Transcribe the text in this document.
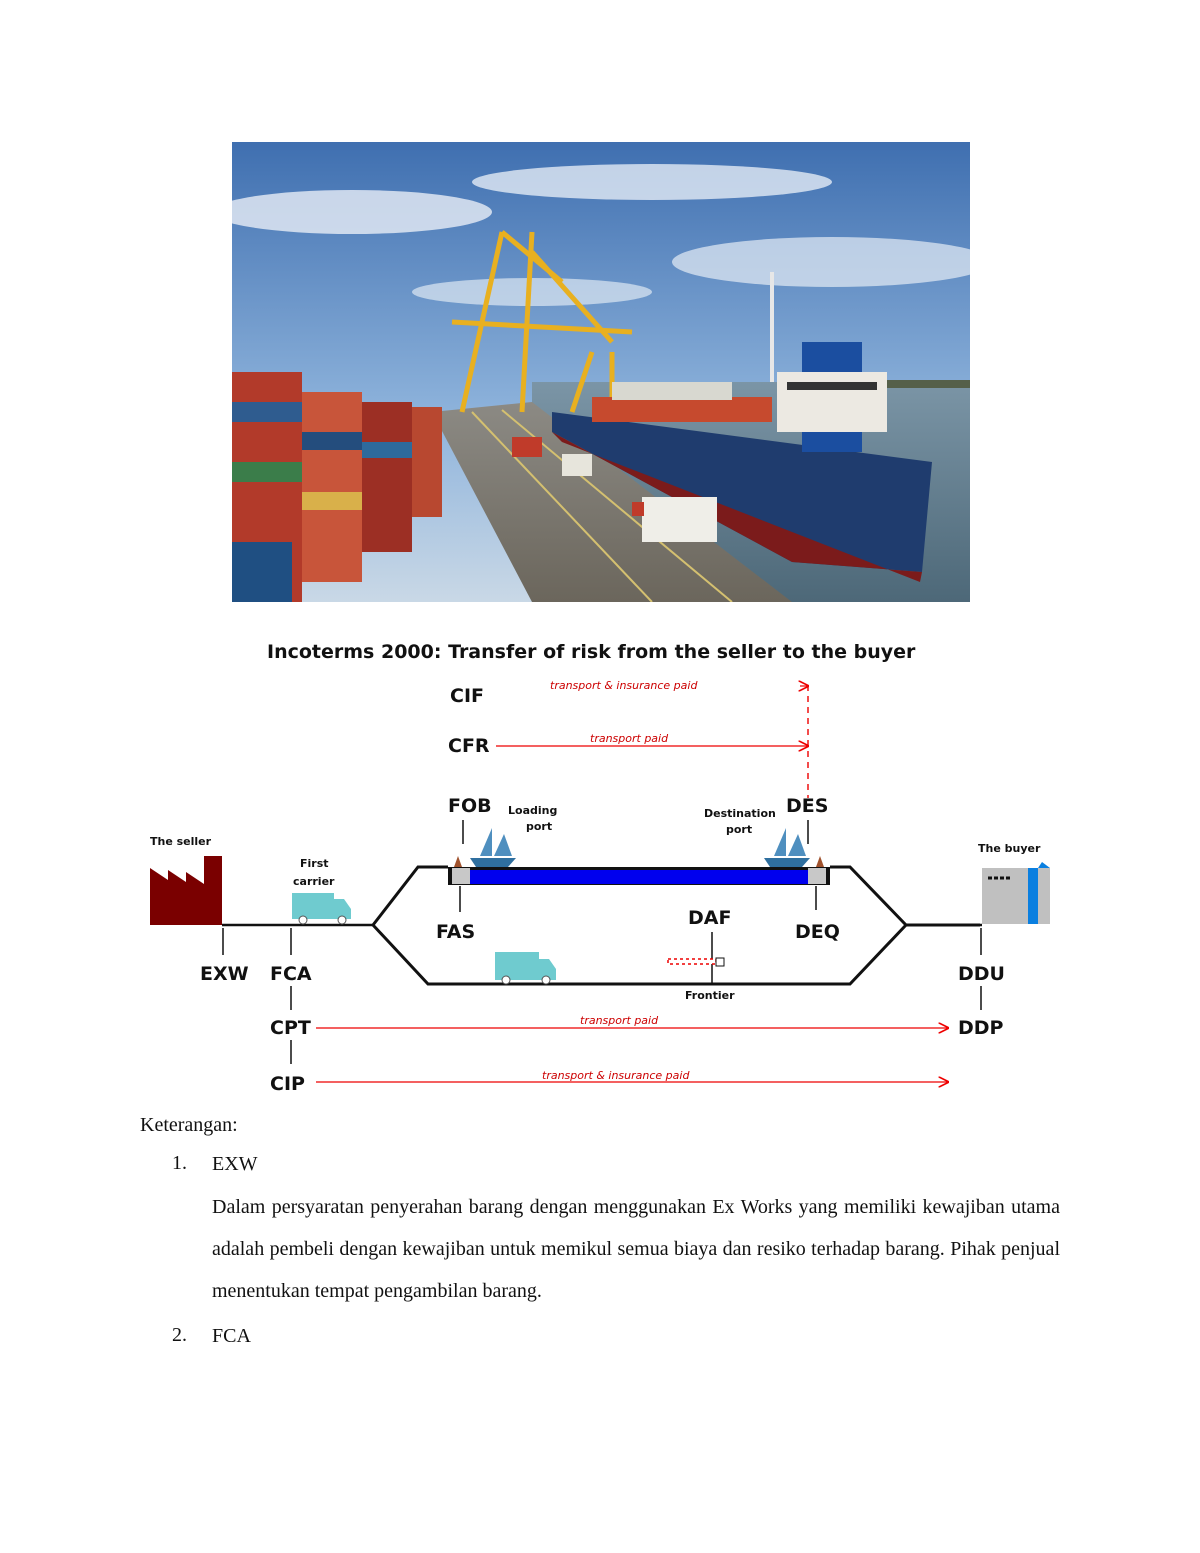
Incoterms 2000: Transfer of risk from the seller to the buyer
CIF	transport & insurance paid
CFR	transport paid
FOB Loading
port
DES
Destination
port
The seller
First
carrier
FAS	DEQ
DAF
Frontier
The buyer
EXW FCA
CPT	transport paid
CIP	transport & insurance paid
DDU
DDP

Keterangan:

1. EXW
Dalam persyaratan penyerahan barang dengan menggunakan Ex Works yang memiliki kewajiban utama adalah pembeli dengan kewajiban untuk memikul semua biaya dan resiko terhadap barang. Pihak penjual menentukan tempat pengambilan barang.
2. FCA
